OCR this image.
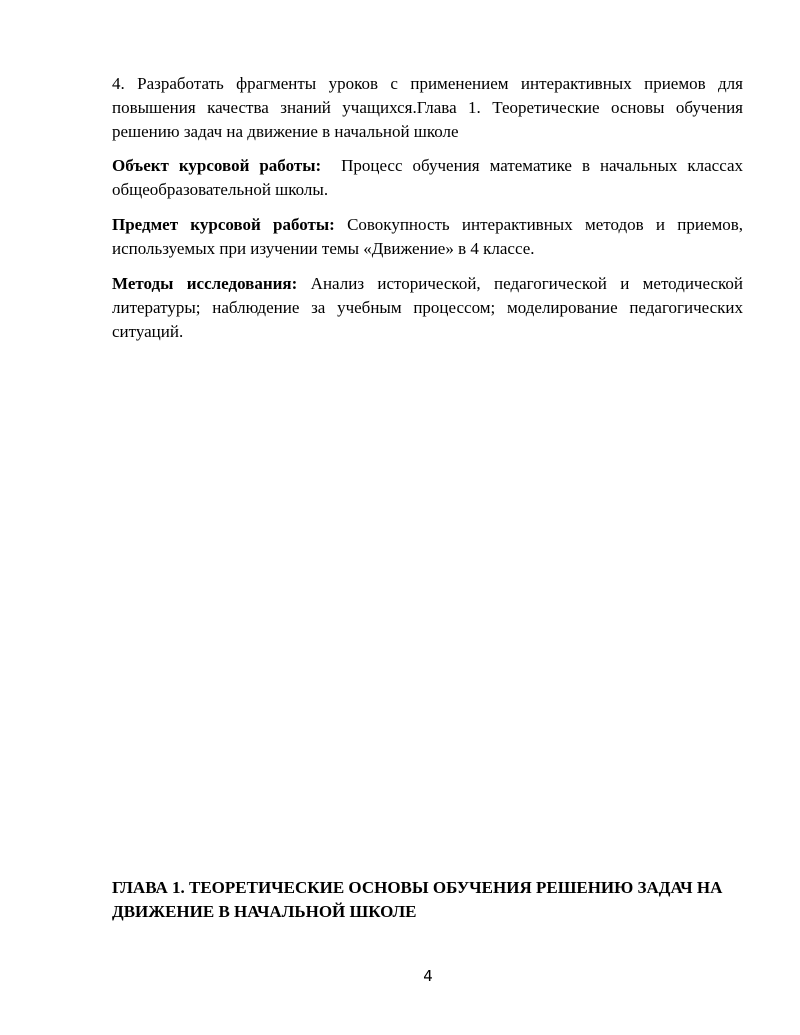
4. Разработать фрагменты уроков с применением интерактивных приемов для повышения качества знаний учащихся.Глава 1. Теоретические основы обучения решению задач на движение в начальной школе

Объект курсовой работы: Процесс обучения математике в начальных классах общеобразовательной школы.

Предмет курсовой работы: Совокупность интерактивных методов и приемов, используемых при изучении темы «Движение» в 4 классе.

Методы исследования: Анализ исторической, педагогической и методической литературы; наблюдение за учебным процессом; моделирование педагогических ситуаций.

ГЛАВА 1. ТЕОРЕТИЧЕСКИЕ ОСНОВЫ ОБУЧЕНИЯ РЕШЕНИЮ ЗАДАЧ НА ДВИЖЕНИЕ В НАЧАЛЬНОЙ ШКОЛЕ
4
